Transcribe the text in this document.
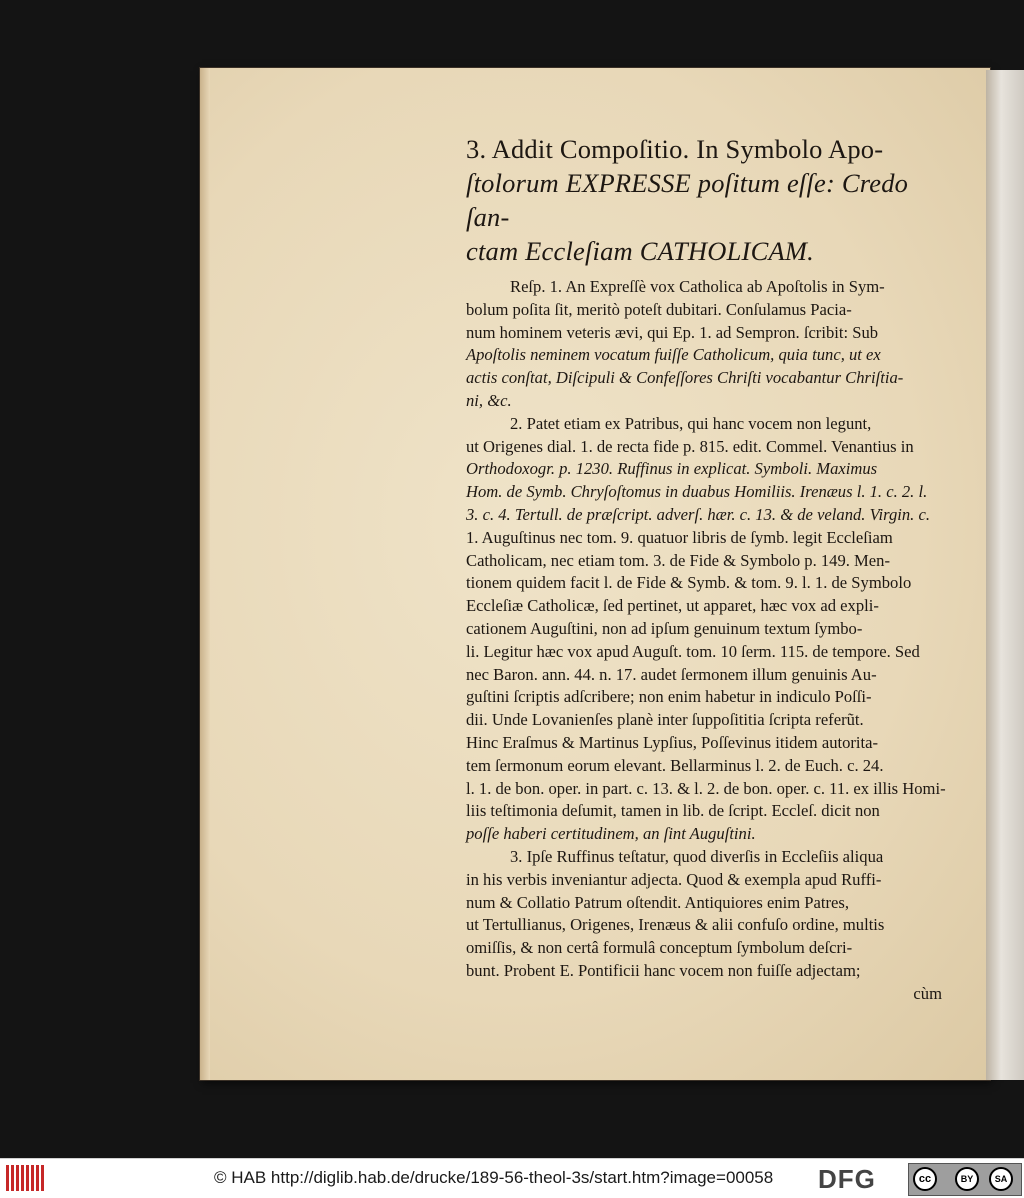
3. Addit Compoſitio. In Symbolo Apo-
ſtolorum EXPRESSE poſitum eſſe: Credo ſan-
ctam Eccleſiam CATHOLICAM.

Reſp. 1. An Expreſſè vox Catholica ab Apoſtolis in Sym-

bolum poſita ſit, meritò poteſt dubitari. Conſulamus Pacia-

num hominem veteris ævi, qui Ep. 1. ad Sempron. ſcribit: Sub

Apoſtolis neminem vocatum fuiſſe Catholicum, quia tunc, ut ex

actis conſtat, Diſcipuli & Confeſſores Chriſti vocabantur Chriſtia-

ni, &c.

2. Patet etiam ex Patribus, qui hanc vocem non legunt,

ut Origenes dial. 1. de recta fide p. 815. edit. Commel. Venantius in

Orthodoxogr. p. 1230. Ruffinus in explicat. Symboli. Maximus

Hom. de Symb. Chryſoſtomus in duabus Homiliis. Irenæus l. 1. c. 2. l.

3. c. 4. Tertull. de præſcript. adverſ. hær. c. 13. & de veland. Virgin. c.

1. Auguſtinus nec tom. 9. quatuor libris de ſymb. legit Eccleſiam

Catholicam, nec etiam tom. 3. de Fide & Symbolo p. 149. Men-

tionem quidem facit l. de Fide & Symb. & tom. 9. l. 1. de Symbolo

Eccleſiæ Catholicæ, ſed pertinet, ut apparet, hæc vox ad expli-

cationem Auguſtini, non ad ipſum genuinum textum ſymbo-

li. Legitur hæc vox apud Auguſt. tom. 10 ſerm. 115. de tempore. Sed

nec Baron. ann. 44. n. 17. audet ſermonem illum genuinis Au-

guſtini ſcriptis adſcribere; non enim habetur in indiculo Poſſi-

dii. Unde Lovanienſes planè inter ſuppoſititia ſcripta referũt.

Hinc Eraſmus & Martinus Lypſius, Poſſevinus itidem autorita-

tem ſermonum eorum elevant. Bellarminus l. 2. de Euch. c. 24.

l. 1. de bon. oper. in part. c. 13. & l. 2. de bon. oper. c. 11. ex illis Homi-

liis teſtimonia deſumit, tamen in lib. de ſcript. Eccleſ. dicit non

poſſe haberi certitudinem, an ſint Auguſtini.

3. Ipſe Ruffinus teſtatur, quod diverſis in Eccleſiis aliqua

in his verbis inveniantur adjecta. Quod & exempla apud Ruffi-

num & Collatio Patrum oſtendit. Antiquiores enim Patres,

ut Tertullianus, Origenes, Irenæus & alii confuſo ordine, multis

omiſſis, & non certâ formulâ conceptum ſymbolum deſcri-

bunt. Probent E. Pontificii hanc vocem non fuiſſe adjectam;

cùm

© HAB http://diglib.hab.de/drucke/189-56-theol-3s/start.htm?image=00058 DFG	cc	BY	SA
